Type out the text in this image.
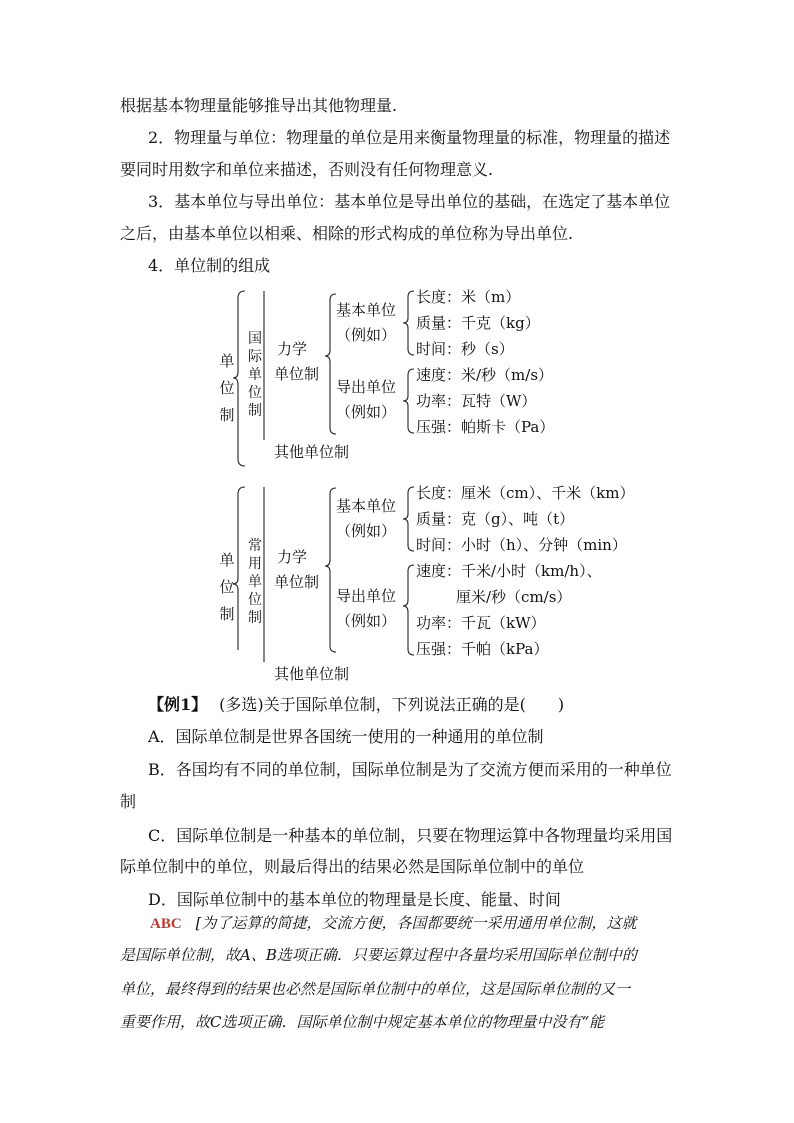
根据基本物理量能够推导出其他物理量.
2．物理量与单位：物理量的单位是用来衡量物理量的标准，物理量的描述
要同时用数字和单位来描述，否则没有任何物理意义.
3．基本单位与导出单位：基本单位是导出单位的基础，在选定了基本单位
之后，由基本单位以相乘、相除的形式构成的单位称为导出单位.
4．单位制的组成
单
位
制
国
际
单
位
制
力学
单位制
基本单位
（例如）
导出单位
（例如）
长度：米（m）
质量：千克（kg）
时间：秒（s）
速度：米/秒（m/s）
功率：瓦特（W）
压强：帕斯卡（Pa）
其他单位制
单
位
制
常
用
单
位
制
力学
单位制
基本单位
（例如）
导出单位
（例如）
长度：厘米（cm）、千米（km）
质量：克（g）、吨（t）
时间：小时（h）、分钟（min）
速度：千米/小时（km/h）、
厘米/秒（cm/s）
功率：千瓦（kW）
压强：千帕（kPa）
其他单位制
【例1】 (多选)关于国际单位制，下列说法正确的是(　　)
A．国际单位制是世界各国统一使用的一种通用的单位制
B．各国均有不同的单位制，国际单位制是为了交流方便而采用的一种单位
制
C．国际单位制是一种基本的单位制，只要在物理运算中各物理量均采用国
际单位制中的单位，则最后得出的结果必然是国际单位制中的单位
D．国际单位制中的基本单位的物理量是长度、能量、时间
ABC [为了运算的简捷，交流方便，各国都要统一采用通用单位制，这就
是国际单位制，故A、B选项正确．只要运算过程中各量均采用国际单位制中的
单位，最终得到的结果也必然是国际单位制中的单位，这是国际单位制的又一
重要作用，故C选项正确．国际单位制中规定基本单位的物理量中没有“能
